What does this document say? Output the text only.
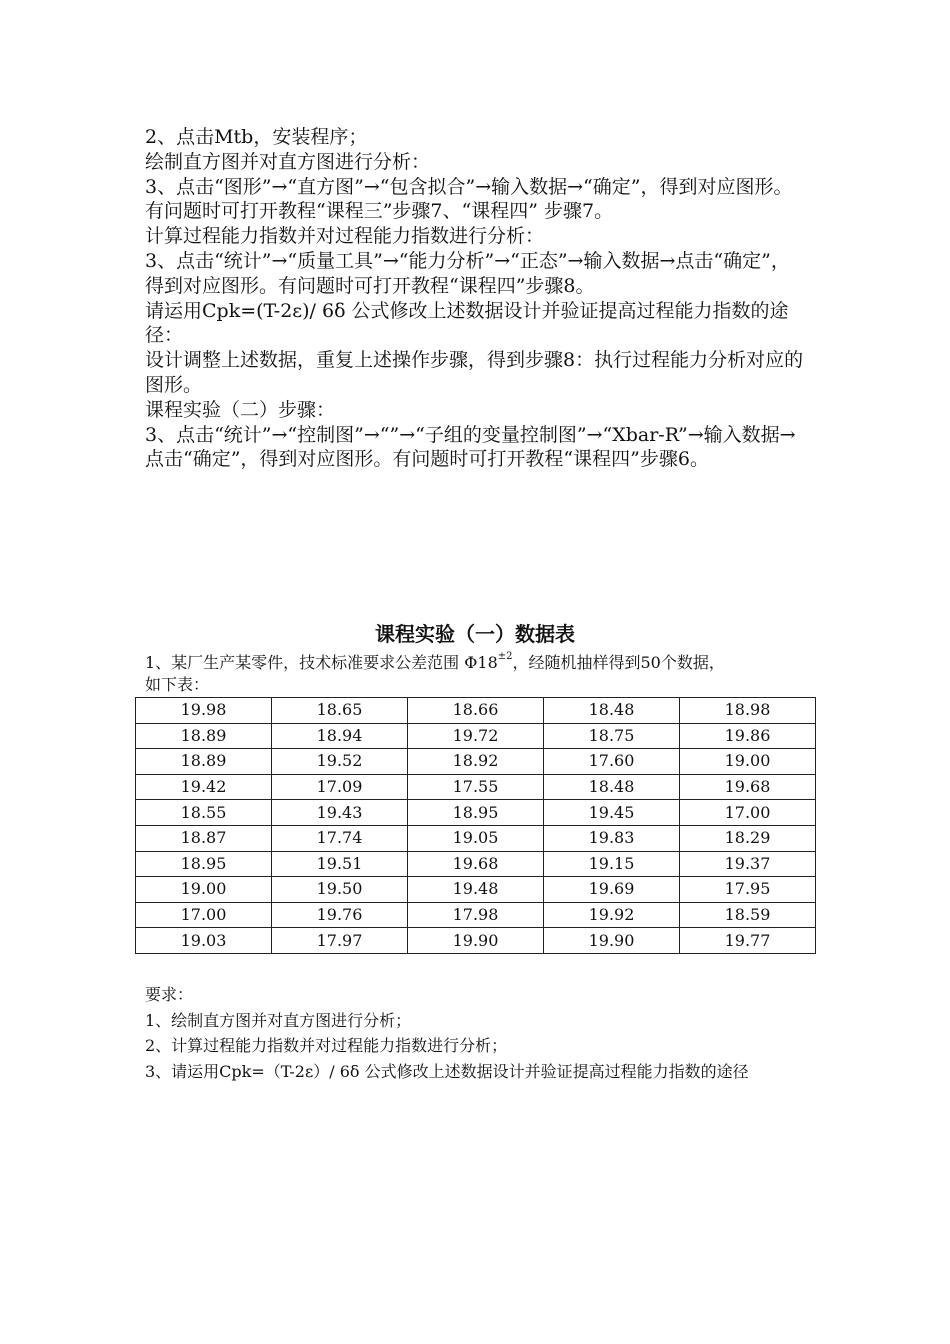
2、点击Mtb，安装程序；

绘制直方图并对直方图进行分析：

3、点击“图形”→“直方图”→“包含拟合”→输入数据→“确定”，得到对应图形。有问题时可打开教程“课程三”步骤7、“课程四” 步骤7。

计算过程能力指数并对过程能力指数进行分析：

3、点击“统计”→“质量工具”→“能力分析”→“正态”→输入数据→点击“确定”， 得到对应图形。有问题时可打开教程“课程四”步骤8。

请运用Cpk=(T-2ε)/ 6δ 公式修改上述数据设计并验证提高过程能力指数的途径：

设计调整上述数据，重复上述操作步骤，得到步骤8：执行过程能力分析对应的图形。

课程实验（二）步骤：

3、点击“统计”→“控制图”→“”→“子组的变量控制图”→“Xbar-R”→输入数据→点击“确定”，得到对应图形。有问题时可打开教程“课程四”步骤6。

课程实验（一）数据表

1、某厂生产某零件，技术标准要求公差范围 $\Phi 18^{\pm 2}$，经随机抽样得到50个数据，

如下表：

19.98	18.65	18.66	18.48	18.98
18.89	18.94	19.72	18.75	19.86
18.89	19.52	18.92	17.60	19.00
19.42	17.09	17.55	18.48	19.68
18.55	19.43	18.95	19.45	17.00
18.87	17.74	19.05	19.83	18.29
18.95	19.51	19.68	19.15	19.37
19.00	19.50	19.48	19.69	17.95
17.00	19.76	17.98	19.92	18.59
19.03	17.97	19.90	19.90	19.77

要求：

1、绘制直方图并对直方图进行分析；

2、计算过程能力指数并对过程能力指数进行分析；

3、请运用Cpk=（T-2ε）/ 6δ 公式修改上述数据设计并验证提高过程能力指数的途径
